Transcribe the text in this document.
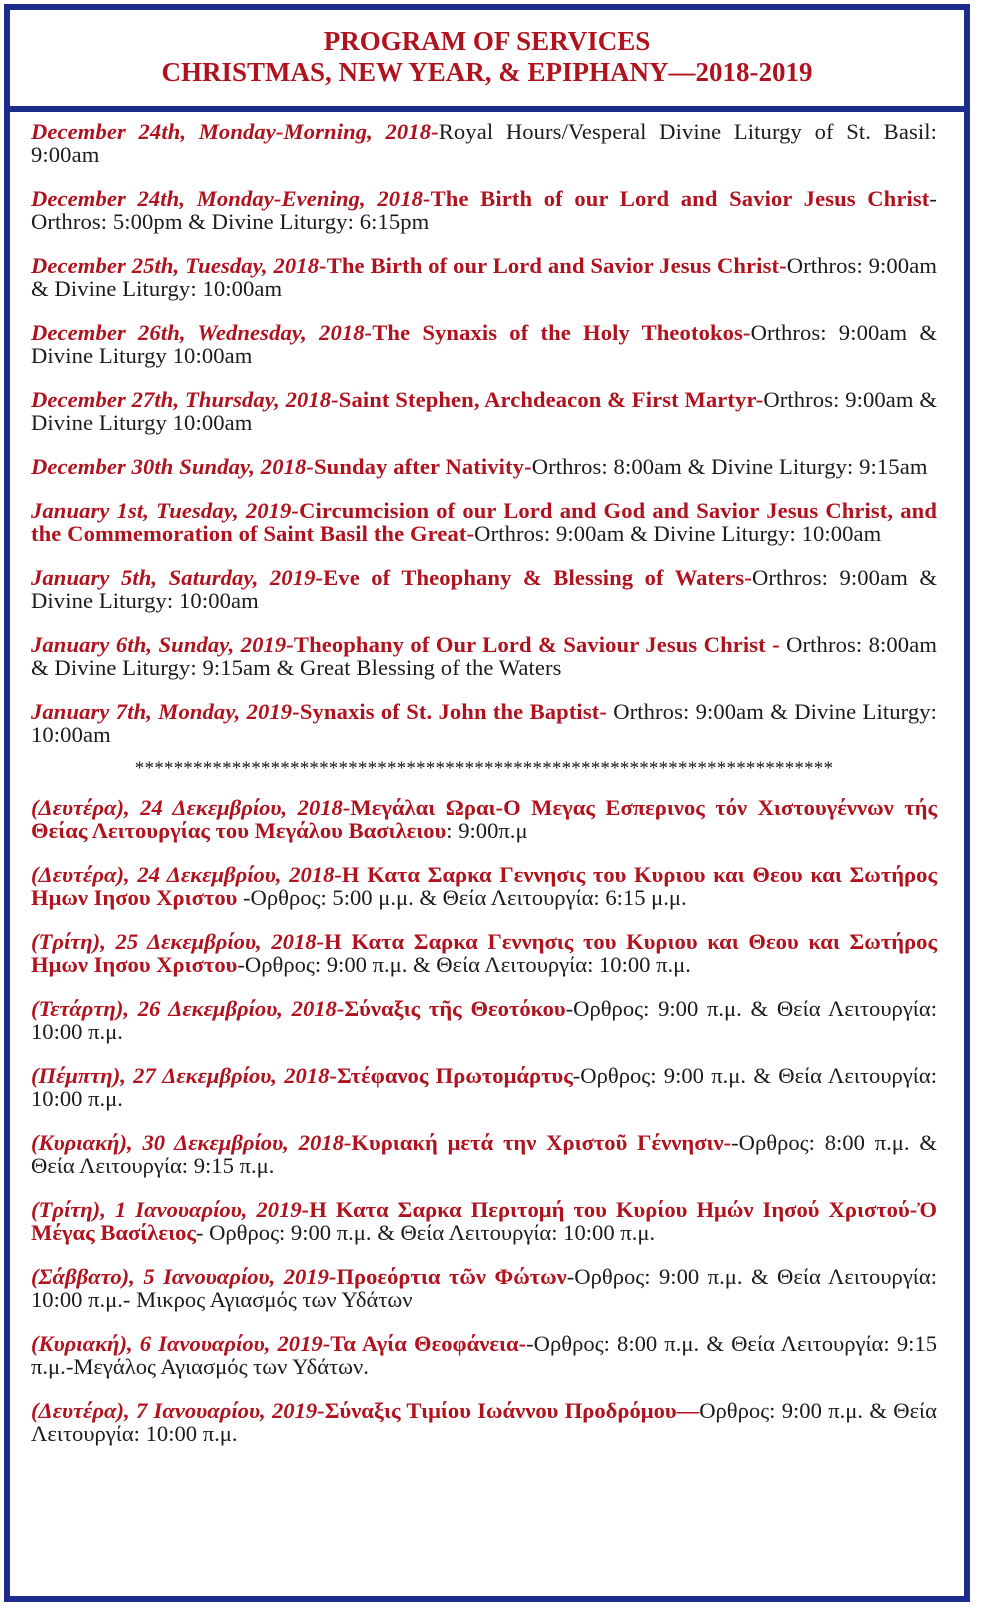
PROGRAM OF SERVICES
CHRISTMAS, NEW YEAR, & EPIPHANY—2018-2019
December 24th, Monday-Morning, 2018-Royal Hours/Vesperal Divine Liturgy of St. Basil: 9:00am
December 24th, Monday-Evening, 2018-The Birth of our Lord and Savior Jesus Christ-Orthros: 5:00pm & Divine Liturgy: 6:15pm
December 25th, Tuesday, 2018-The Birth of our Lord and Savior Jesus Christ-Orthros: 9:00am & Divine Liturgy: 10:00am
December 26th, Wednesday, 2018-The Synaxis of the Holy Theotokos-Orthros: 9:00am & Divine Liturgy 10:00am
December 27th, Thursday, 2018-Saint Stephen, Archdeacon & First Martyr-Orthros: 9:00am & Divine Liturgy 10:00am
December 30th Sunday, 2018-Sunday after Nativity-Orthros: 8:00am & Divine Liturgy: 9:15am
January 1st, Tuesday, 2019-Circumcision of our Lord and God and Savior Jesus Christ, and the Commemoration of Saint Basil the Great-Orthros: 9:00am & Divine Liturgy: 10:00am
January 5th, Saturday, 2019-Eve of Theophany & Blessing of Waters-Orthros: 9:00am & Divine Liturgy: 10:00am
January 6th, Sunday, 2019-Theophany of Our Lord & Saviour Jesus Christ - Orthros: 8:00am & Divine Liturgy: 9:15am & Great Blessing of the Waters
January 7th, Monday, 2019-Synaxis of St. John the Baptist- Orthros: 9:00am & Divine Liturgy: 10:00am
************************************************************************
(Δευτέρα), 24 Δεκεμβρίου, 2018-Μεγάλαι Ωραι-Ο Μεγας Εσπερινος τόν Χιστουγέννων τής Θείας Λειτουργίας του Μεγάλου Βασιλειου: 9:00π.μ
(Δευτέρα), 24 Δεκεμβρίου, 2018-Η Κατα Σαρκα Γεννησις του Κυριου και Θεου και Σωτήρος Ημων Ιησου Χριστου -Ορθρος: 5:00 μ.μ. & Θεία Λειτουργία: 6:15 μ.μ.
(Τρίτη), 25 Δεκεμβρίου, 2018-Η Κατα Σαρκα Γεννησις του Κυριου και Θεου και Σωτήρος Ημων Ιησου Χριστου-Ορθρος: 9:00 π.μ. & Θεία Λειτουργία: 10:00 π.μ.
(Τετάρτη), 26 Δεκεμβρίου, 2018-Σύναξις τῆς Θεοτόκου-Ορθρος: 9:00 π.μ. & Θεία Λειτουργία: 10:00 π.μ.
(Πέμπτη), 27 Δεκεμβρίου, 2018-Στέφανος Πρωτομάρτυς-Ορθρος: 9:00 π.μ. & Θεία Λειτουργία: 10:00 π.μ.
(Κυριακή), 30 Δεκεμβρίου, 2018-Κυριακή μετά την Χριστοῦ Γέννησιν--Ορθρος: 8:00 π.μ. & Θεία Λειτουργία: 9:15 π.μ.
(Τρίτη), 1 Ιανουαρίου, 2019-Η Κατα Σαρκα Περιτομή του Κυρίου Ημών Ιησού Χριστού-Ὀ Μέγας Βασίλειος- Ορθρος: 9:00 π.μ. & Θεία Λειτουργία: 10:00 π.μ.
(Σάββατο), 5 Ιανουαρίου, 2019-Προεόρτια τῶν Φώτων-Ορθρος: 9:00 π.μ. & Θεία Λειτουργία: 10:00 π.μ.- Μικρος Αγιασμός των Υδάτων
(Κυριακή), 6 Ιανουαρίου, 2019-Τα Αγία Θεοφάνεια--Ορθρος: 8:00 π.μ. & Θεία Λειτουργία: 9:15 π.μ.-Μεγάλος Αγιασμός των Υδάτων.
(Δευτέρα), 7 Ιανουαρίου, 2019-Σύναξις Τιμίου Ιωάννου Προδρόμου—Ορθρος: 9:00 π.μ. & Θεία Λειτουργία: 10:00 π.μ.
